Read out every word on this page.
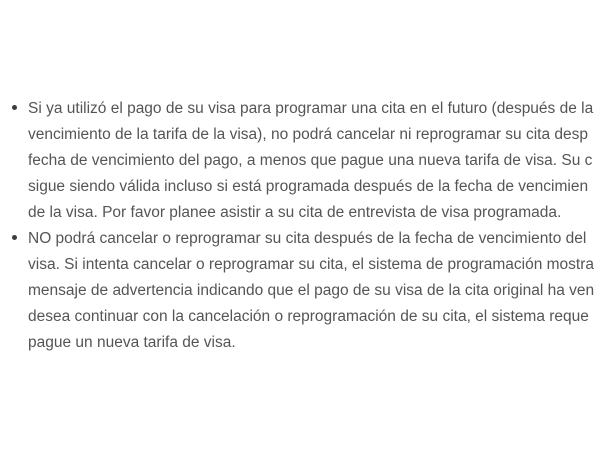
Si ya utilizó el pago de su visa para programar una cita en el futuro (después de la
vencimiento de la tarifa de la visa), no podrá cancelar ni reprogramar su cita desp
fecha de vencimiento del pago, a menos que pague una nueva tarifa de visa. Su c
sigue siendo válida incluso si está programada después de la fecha de vencimien
de la visa. Por favor planee asistir a su cita de entrevista de visa programada.
NO podrá cancelar o reprogramar su cita después de la fecha de vencimiento del
visa. Si intenta cancelar o reprogramar su cita, el sistema de programación mostra
mensaje de advertencia indicando que el pago de su visa de la cita original ha ven
desea continuar con la cancelación o reprogramación de su cita, el sistema reque
pague un nueva tarifa de visa.
